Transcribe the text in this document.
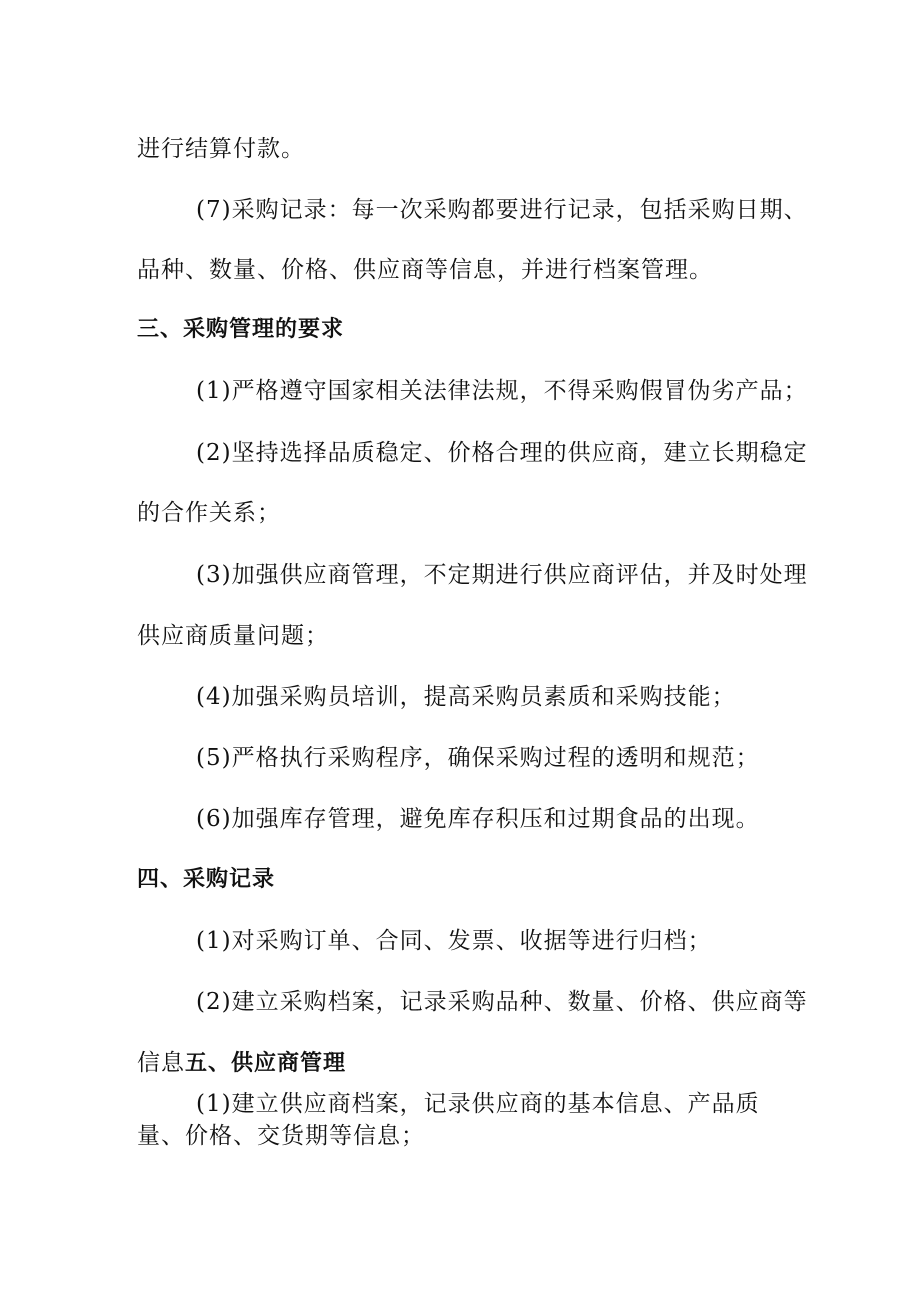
进行结算付款。

(7)采购记录：每一次采购都要进行记录，包括采购日期、

品种、数量、价格、供应商等信息，并进行档案管理。

三、采购管理的要求

(1)严格遵守国家相关法律法规，不得采购假冒伪劣产品；

(2)坚持选择品质稳定、价格合理的供应商，建立长期稳定

的合作关系；

(3)加强供应商管理，不定期进行供应商评估，并及时处理

供应商质量问题；

(4)加强采购员培训，提高采购员素质和采购技能；

(5)严格执行采购程序，确保采购过程的透明和规范；

(6)加强库存管理，避免库存积压和过期食品的出现。

四、采购记录

(1)对采购订单、合同、发票、收据等进行归档；

(2)建立采购档案，记录采购品种、数量、价格、供应商等

信息五、供应商管理

(1)建立供应商档案，记录供应商的基本信息、产品质

量、价格、交货期等信息；
